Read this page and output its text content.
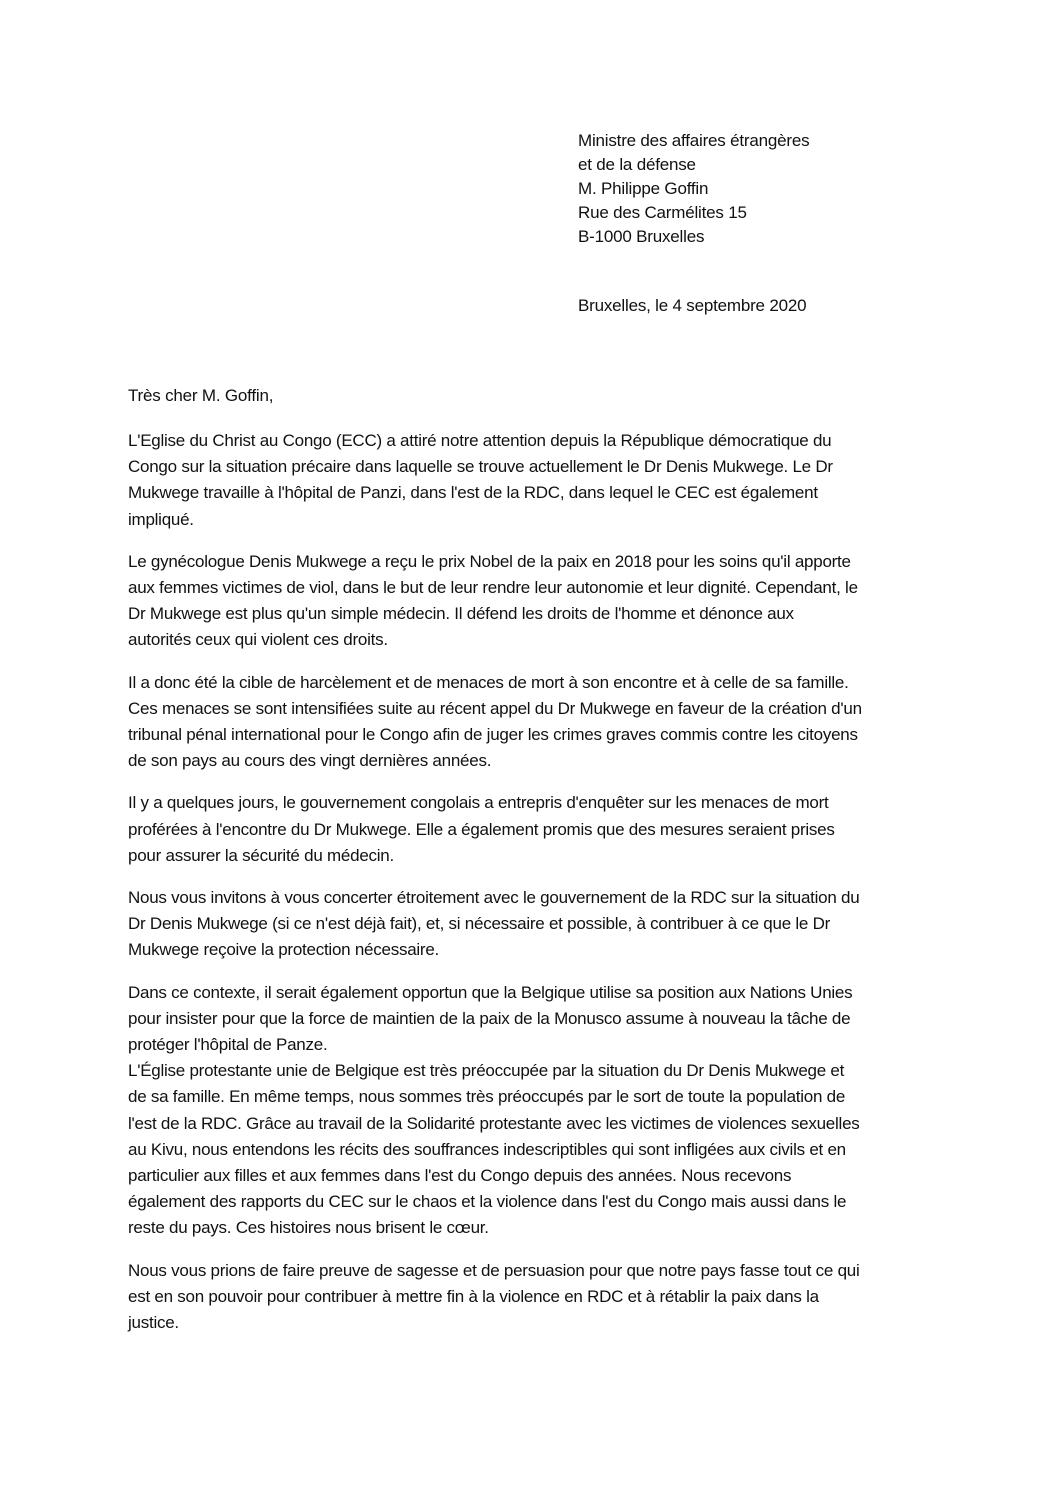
Ministre des affaires étrangères
et de la défense
M. Philippe Goffin
Rue des Carmélites 15
B-1000 Bruxelles
Bruxelles, le 4 septembre 2020
Très cher M. Goffin,

L'Eglise du Christ au Congo (ECC) a attiré notre attention depuis la République démocratique du
Congo sur la situation précaire dans laquelle se trouve actuellement le Dr Denis Mukwege. Le Dr
Mukwege travaille à l'hôpital de Panzi, dans l'est de la RDC, dans lequel le CEC est également
impliqué.

Le gynécologue Denis Mukwege a reçu le prix Nobel de la paix en 2018 pour les soins qu'il apporte
aux femmes victimes de viol, dans le but de leur rendre leur autonomie et leur dignité. Cependant, le
Dr Mukwege est plus qu'un simple médecin. Il défend les droits de l'homme et dénonce aux
autorités ceux qui violent ces droits.

Il a donc été la cible de harcèlement et de menaces de mort à son encontre et à celle de sa famille.
Ces menaces se sont intensifiées suite au récent appel du Dr Mukwege en faveur de la création d'un
tribunal pénal international pour le Congo afin de juger les crimes graves commis contre les citoyens
de son pays au cours des vingt dernières années.

Il y a quelques jours, le gouvernement congolais a entrepris d'enquêter sur les menaces de mort
proférées à l'encontre du Dr Mukwege. Elle a également promis que des mesures seraient prises
pour assurer la sécurité du médecin.

Nous vous invitons à vous concerter étroitement avec le gouvernement de la RDC sur la situation du
Dr Denis Mukwege (si ce n'est déjà fait), et, si nécessaire et possible, à contribuer à ce que le Dr
Mukwege reçoive la protection nécessaire.

Dans ce contexte, il serait également opportun que la Belgique utilise sa position aux Nations Unies
pour insister pour que la force de maintien de la paix de la Monusco assume à nouveau la tâche de
protéger l'hôpital de Panze.

L'Église protestante unie de Belgique est très préoccupée par la situation du Dr Denis Mukwege et
de sa famille. En même temps, nous sommes très préoccupés par le sort de toute la population de
l'est de la RDC. Grâce au travail de la Solidarité protestante avec les victimes de violences sexuelles
au Kivu, nous entendons les récits des souffrances indescriptibles qui sont infligées aux civils et en
particulier aux filles et aux femmes dans l'est du Congo depuis des années. Nous recevons
également des rapports du CEC sur le chaos et la violence dans l'est du Congo mais aussi dans le
reste du pays. Ces histoires nous brisent le cœur.

Nous vous prions de faire preuve de sagesse et de persuasion pour que notre pays fasse tout ce qui
est en son pouvoir pour contribuer à mettre fin à la violence en RDC et à rétablir la paix dans la
justice.
